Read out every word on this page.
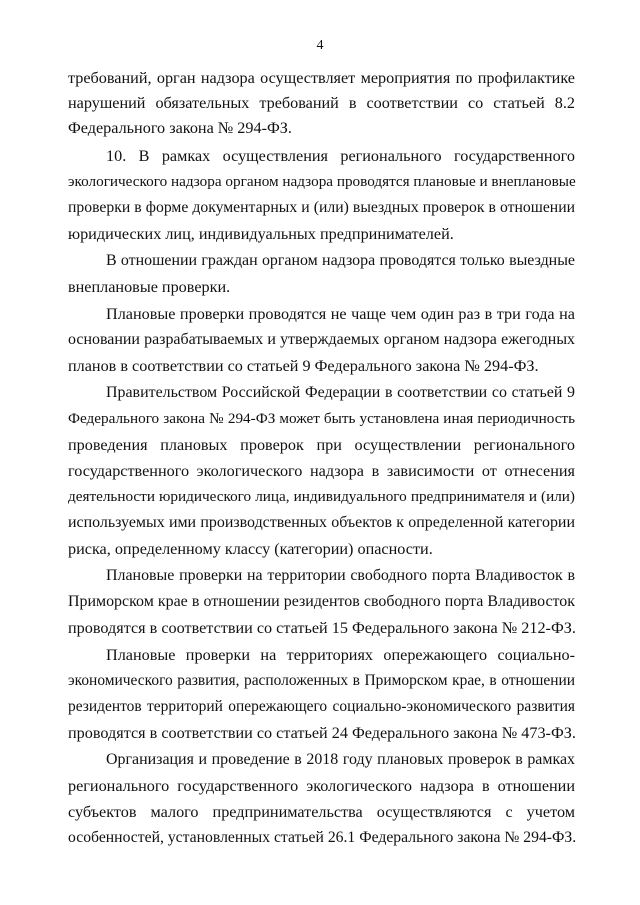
4
требований, орган надзора осуществляет мероприятия по профилактике
нарушений обязательных требований в соответствии со статьей 8.2
Федерального закона № 294-ФЗ.
10. В рамках осуществления регионального государственного
экологического надзора органом надзора проводятся плановые и внеплановые
проверки в форме документарных и (или) выездных проверок в отношении
юридических лиц, индивидуальных предпринимателей.
В отношении граждан органом надзора проводятся только выездные
внеплановые проверки.
Плановые проверки проводятся не чаще чем один раз в три года на
основании разрабатываемых и утверждаемых органом надзора ежегодных
планов в соответствии со статьей 9 Федерального закона № 294-ФЗ.
Правительством Российской Федерации в соответствии со статьей 9
Федерального закона № 294-ФЗ может быть установлена иная периодичность
проведения плановых проверок при осуществлении регионального
государственного экологического надзора в зависимости от отнесения
деятельности юридического лица, индивидуального предпринимателя и (или)
используемых ими производственных объектов к определенной категории
риска, определенному классу (категории) опасности.
Плановые проверки на территории свободного порта Владивосток в
Приморском крае в отношении резидентов свободного порта Владивосток
проводятся в соответствии со статьей 15 Федерального закона № 212-ФЗ.
Плановые проверки на территориях опережающего социально-
экономического развития, расположенных в Приморском крае, в отношении
резидентов территорий опережающего социально-экономического развития
проводятся в соответствии со статьей 24 Федерального закона № 473-ФЗ.
Организация и проведение в 2018 году плановых проверок в рамках
регионального государственного экологического надзора в отношении
субъектов малого предпринимательства осуществляются с учетом
особенностей, установленных статьей 26.1 Федерального закона № 294-ФЗ.
